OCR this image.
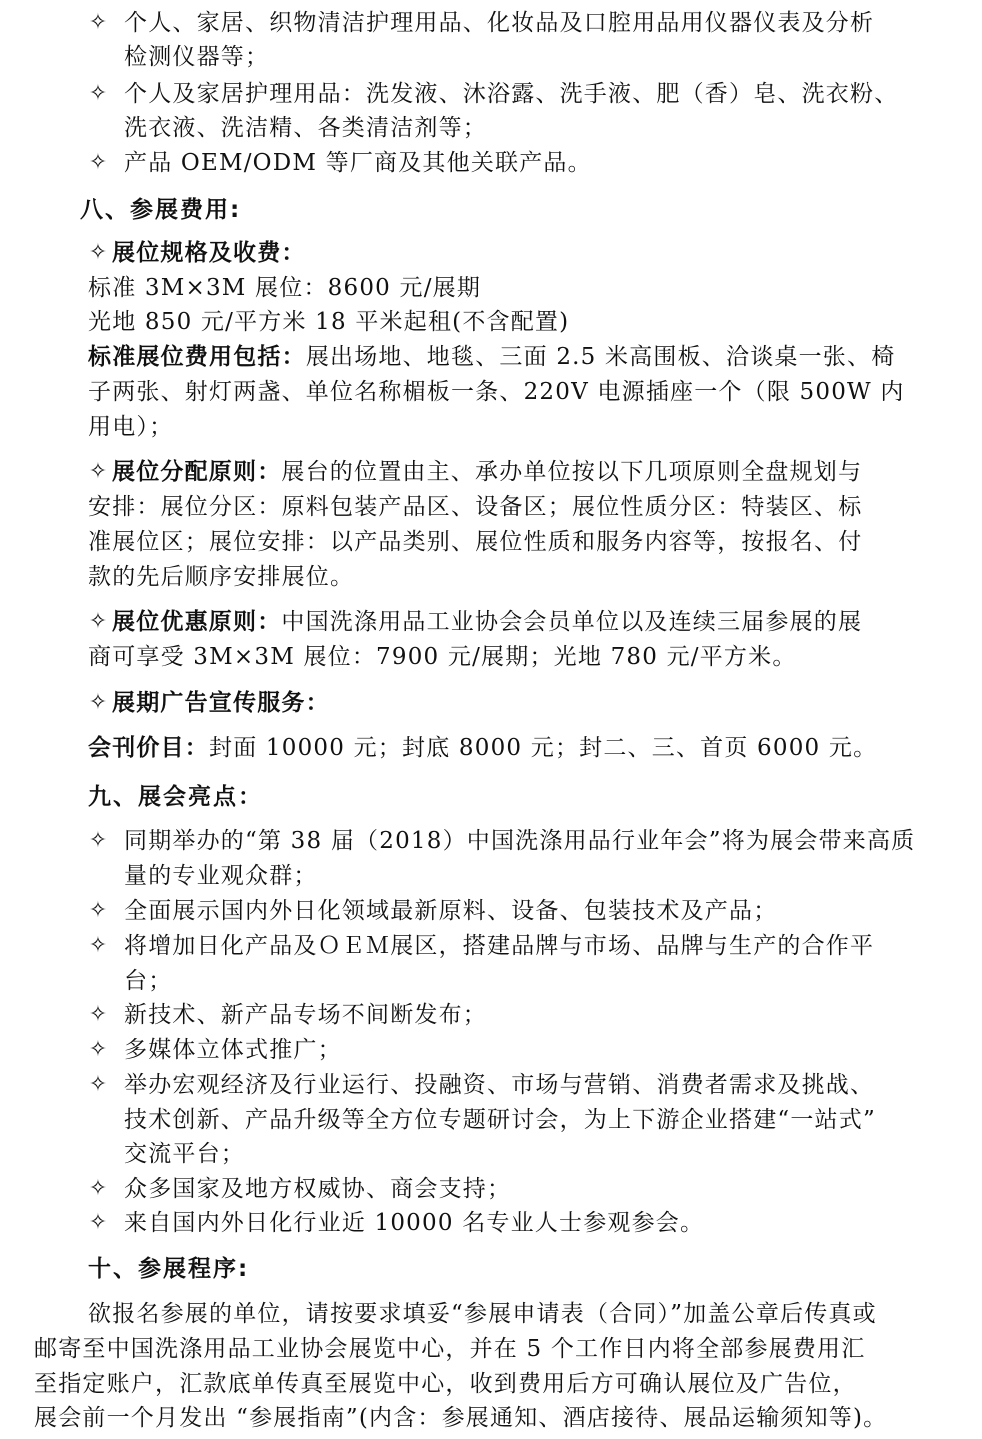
✧ 个人、家居、织物清洁护理用品、化妆品及口腔用品用仪器仪表及分析
检测仪器等；
✧ 个人及家居护理用品：洗发液、沐浴露、洗手液、肥（香）皂、洗衣粉、
洗衣液、洗洁精、各类清洁剂等；
✧ 产品 OEM/ODM 等厂商及其他关联产品。
八、参展费用:
✧ 展位规格及收费：
标准 3M×3M 展位：8600 元/展期
光地 850 元/平方米 18 平米起租(不含配置)
标准展位费用包括：展出场地、地毯、三面 2.5 米高围板、洽谈桌一张、椅
子两张、射灯两盏、单位名称楣板一条、220V 电源插座一个（限 500W 内
用电）；
✧ 展位分配原则：展台的位置由主、承办单位按以下几项原则全盘规划与
安排：展位分区：原料包装产品区、设备区；展位性质分区：特装区、标
准展位区；展位安排：以产品类别、展位性质和服务内容等，按报名、付
款的先后顺序安排展位。
✧ 展位优惠原则：中国洗涤用品工业协会会员单位以及连续三届参展的展
商可享受 3M×3M 展位：7900 元/展期；光地 780 元/平方米。
✧ 展期广告宣传服务：
会刊价目：封面 10000 元；封底 8000 元；封二、三、首页 6000 元。
九、展会亮点：
✧ 同期举办的“第 38 届（2018）中国洗涤用品行业年会”将为展会带来高质
量的专业观众群；
✧ 全面展示国内外日化领域最新原料、设备、包装技术及产品；
✧ 将增加日化产品及ＯＥＭ展区，搭建品牌与市场、品牌与生产的合作平
台；
✧ 新技术、新产品专场不间断发布；
✧ 多媒体立体式推广；
✧ 举办宏观经济及行业运行、投融资、市场与营销、消费者需求及挑战、
技术创新、产品升级等全方位专题研讨会，为上下游企业搭建“一站式”
交流平台；
✧ 众多国家及地方权威协、商会支持；
✧ 来自国内外日化行业近 10000 名专业人士参观参会。
十、参展程序:
欲报名参展的单位，请按要求填妥“参展申请表（合同）”加盖公章后传真或
邮寄至中国洗涤用品工业协会展览中心，并在 5 个工作日内将全部参展费用汇
至指定账户，汇款底单传真至展览中心，收到费用后方可确认展位及广告位，
展会前一个月发出 “参展指南”(内含：参展通知、酒店接待、展品运输须知等)。
